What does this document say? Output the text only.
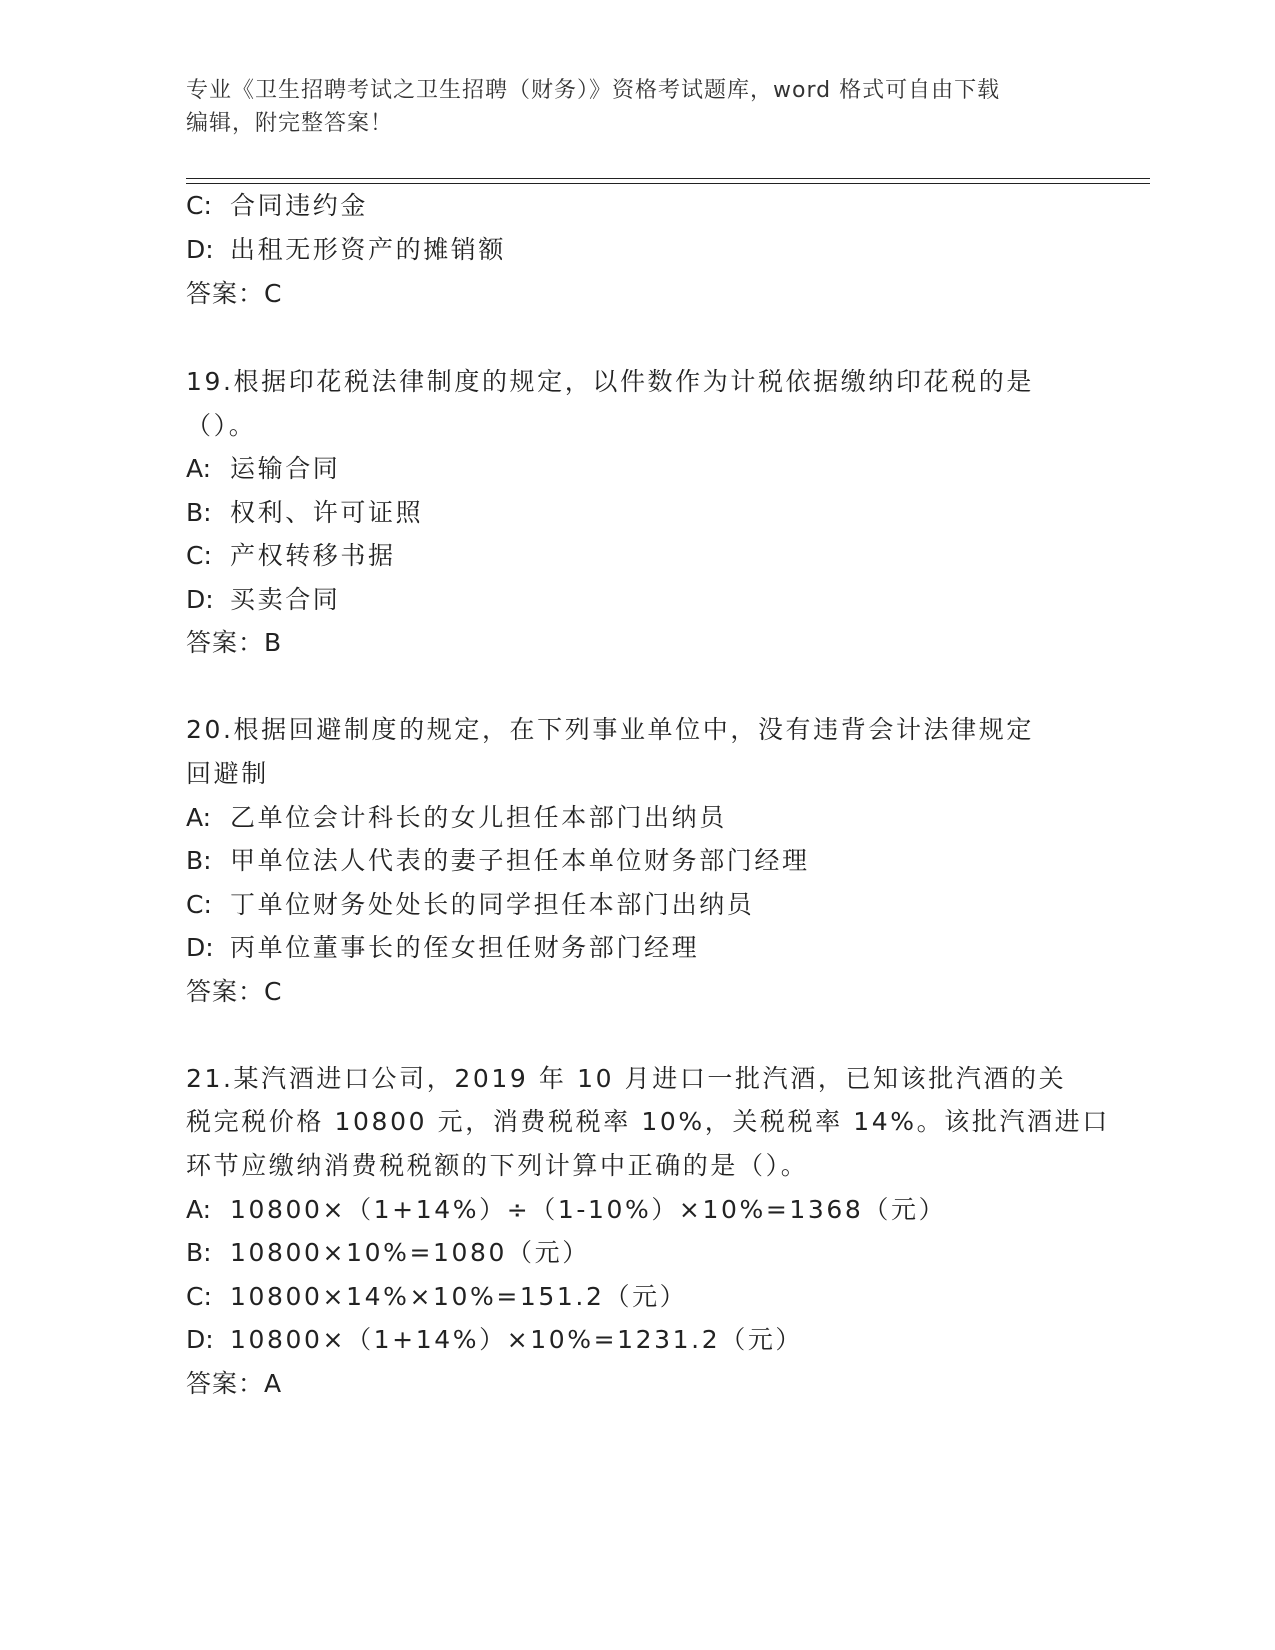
专业《卫生招聘考试之卫生招聘（财务）》资格考试题库，word 格式可自由下载
编辑，附完整答案！
C: 合同违约金
D: 出租无形资产的摊销额
答案：C
19.根据印花税法律制度的规定，以件数作为计税依据缴纳印花税的是
（）。
A: 运输合同
B: 权利、许可证照
C: 产权转移书据
D: 买卖合同
答案：B
20.根据回避制度的规定，在下列事业单位中，没有违背会计法律规定
回避制
A: 乙单位会计科长的女儿担任本部门出纳员
B: 甲单位法人代表的妻子担任本单位财务部门经理
C: 丁单位财务处处长的同学担任本部门出纳员
D: 丙单位董事长的侄女担任财务部门经理
答案：C
21.某汽酒进口公司，2019 年 10 月进口一批汽酒，已知该批汽酒的关
税完税价格 10800 元，消费税税率 10%，关税税率 14%。该批汽酒进口
环节应缴纳消费税税额的下列计算中正确的是（）。
A: 10800×（1+14%）÷（1-10%）×10%=1368（元）
B: 10800×10%=1080（元）
C: 10800×14%×10%=151.2（元）
D: 10800×（1+14%）×10%=1231.2（元）
答案：A
